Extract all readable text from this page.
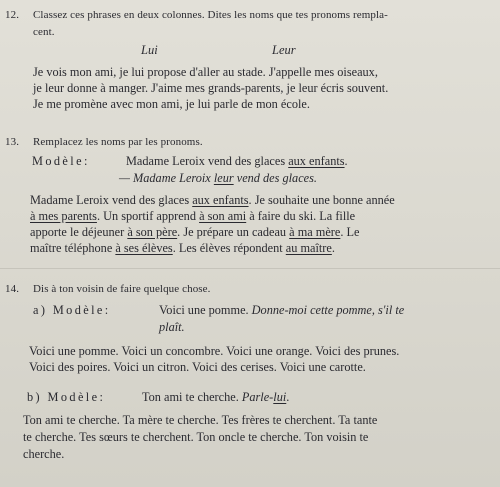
12. Classez ces phrases en deux colonnes. Dites les noms que tes pronoms rempla-
cent.
Lui	Leur
Je vois mon ami, je lui propose d'aller au stade. J'appelle mes oiseaux,
je leur donne à manger. J'aime mes grands-parents, je leur écris souvent.
Je me promène avec mon ami, je lui parle de mon école.
13. Remplacez les noms par les pronoms.
Modèle:	Madame Leroix vend des glaces aux enfants.
— Madame Leroix leur vend des glaces.
Madame Leroix vend des glaces aux enfants. Je souhaite une bonne année
à mes parents. Un sportif apprend à son ami à faire du ski. La fille
apporte le déjeuner à son père. Je prépare un cadeau à ma mère. Le
maître téléphone à ses élèves. Les élèves répondent au maître.
14. Dis à ton voisin de faire quelque chose.
a) Modèle:	Voici une pomme. Donne-moi cette pomme, s'il te
plaît.
Voici une pomme. Voici un concombre. Voici une orange. Voici des prunes.
Voici des poires. Voici un citron. Voici des cerises. Voici une carotte.
b) Modèle:	Ton ami te cherche. Parle-lui.
Ton ami te cherche. Ta mère te cherche. Tes frères te cherchent. Ta tante
te cherche. Tes sœurs te cherchent. Ton oncle te cherche. Ton voisin te
cherche.
